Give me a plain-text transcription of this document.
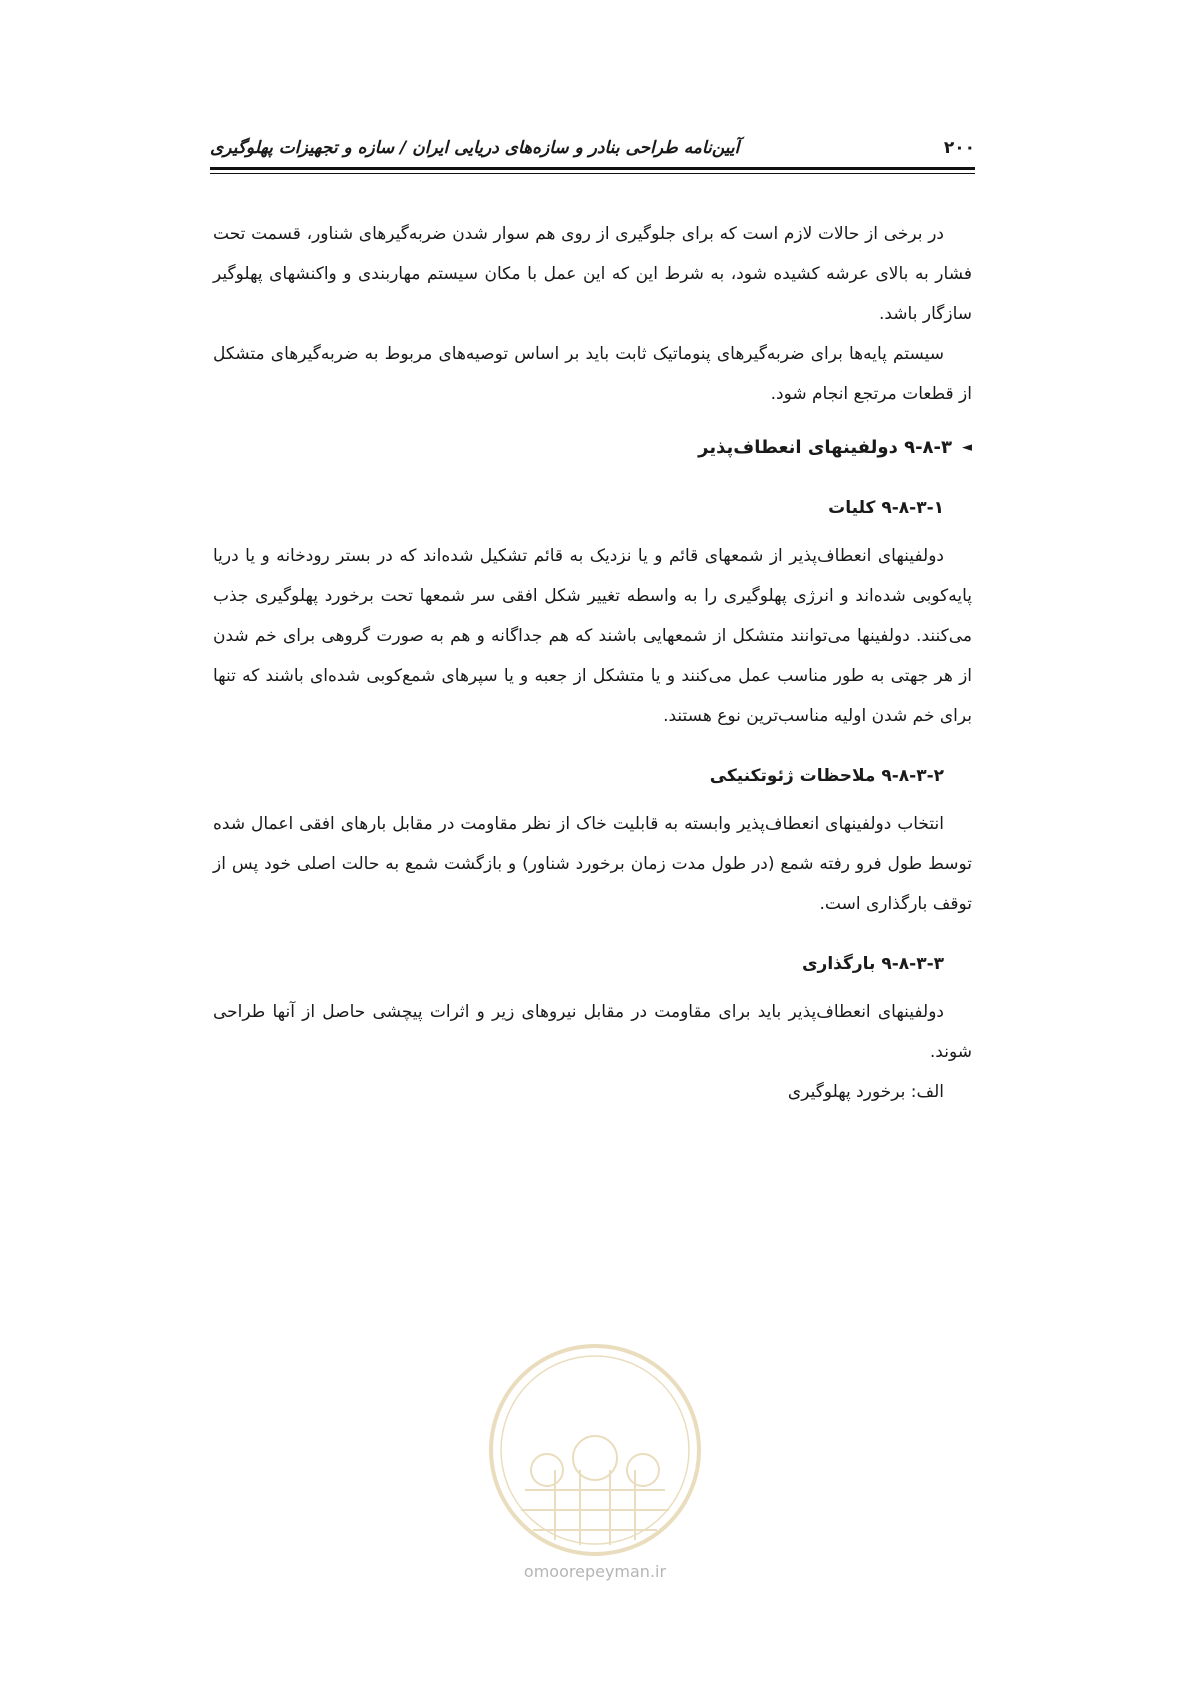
۲۰۰
آیین‌نامه طراحی بنادر و سازه‌های دریایی ایران / سازه و تجهیزات پهلوگیری

در برخی از حالات لازم است که برای جلوگیری از روی هم سوار شدن ضربه‌گیرهای شناور، قسمت تحت فشار به بالای عرشه کشیده شود، به شرط این که این عمل با مکان سیستم مهاربندی و واکنشهای پهلوگیر سازگار باشد.

سیستم پایه‌ها برای ضربه‌گیرهای پنوماتیک ثابت باید بر اساس توصیه‌های مربوط به ضربه‌گیرهای متشکل از قطعات مرتجع انجام شود.

◄
۹-۸-۳ دولفینهای انعطاف‌پذیر

۹-۸-۳-۱ کلیات

دولفینهای انعطاف‌پذیر از شمعهای قائم و یا نزدیک به قائم تشکیل شده‌اند که در بستر رودخانه و یا دریا پایه‌کوبی شده‌اند و انرژی پهلوگیری را به واسطه تغییر شکل افقی سر شمعها تحت برخورد پهلوگیری جذب می‌کنند. دولفینها می‌توانند متشکل از شمعهایی باشند که هم جداگانه و هم به صورت گروهی برای خم شدن از هر جهتی به طور مناسب عمل می‌کنند و یا متشکل از جعبه و یا سپرهای شمع‌کوبی شده‌ای باشند که تنها برای خم شدن اولیه مناسب‌ترین نوع هستند.

۹-۸-۳-۲ ملاحظات ژئوتکنیکی

انتخاب دولفینهای انعطاف‌پذیر وابسته به قابلیت خاک از نظر مقاومت در مقابل بارهای افقی اعمال شده توسط طول فرو رفته شمع (در طول مدت زمان برخورد شناور) و بازگشت شمع به حالت اصلی خود پس از توقف بارگذاری است.

۹-۸-۳-۳ بارگذاری

دولفینهای انعطاف‌پذیر باید برای مقاومت در مقابل نیروهای زیر و اثرات پیچشی حاصل از آنها طراحی شوند.

الف: برخورد پهلوگیری

omoorepeyman.ir
